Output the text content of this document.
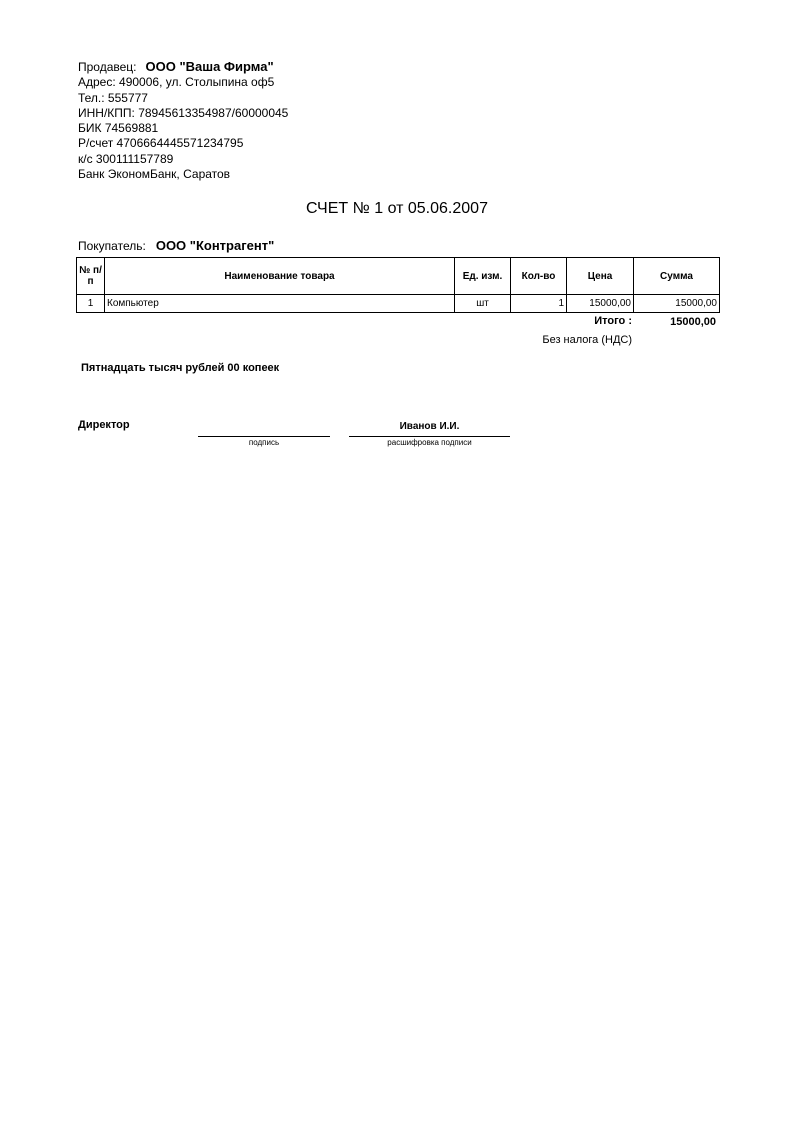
Продавец: ООО "Ваша Фирма"
Адрес: 490006, ул. Столыпина оф5
Тел.: 555777
ИНН/КПП: 78945613354987/60000045
БИК 74569881
Р/счет 4706664445571234795
к/с 300111157789
Банк ЭкономБанк, Саратов
СЧЕТ № 1 от 05.06.2007
Покупатель: ООО "Контрагент"
№ п/п	Наименование товара	Ед. изм.	Кол-во	Цена	Сумма
1	Компьютер	шт	1	15000,00	15000,00
Итого :	15000,00
Без налога (НДС)
Пятнадцать тысяч рублей 00 копеек
Директор	Иванов И.И.
подпись	расшифровка подписи
